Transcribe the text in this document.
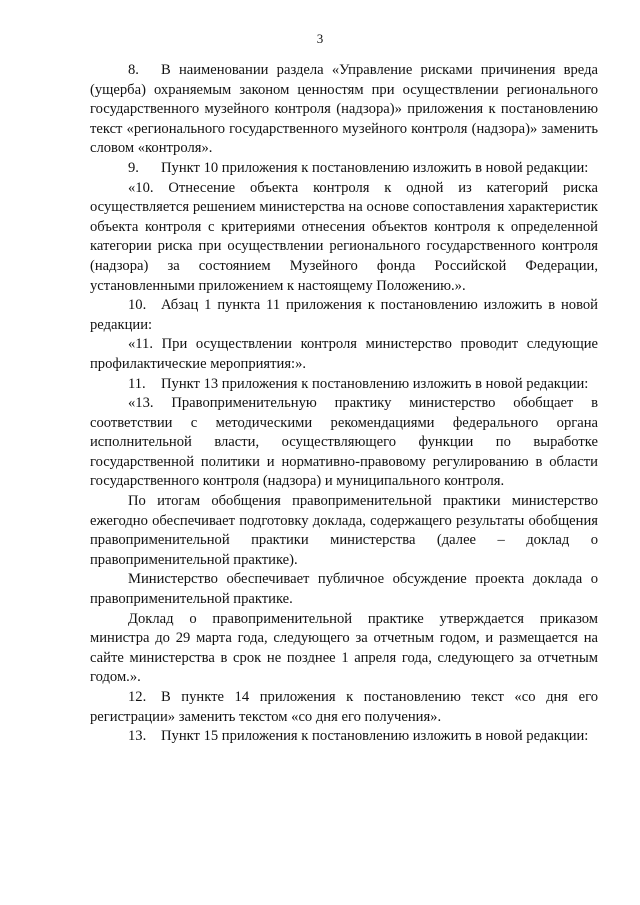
3

8. В наименовании раздела «Управление рисками причинения вреда (ущерба) охраняемым законом ценностям при осуществлении регионального государственного музейного контроля (надзора)» приложения к постановлению текст «регионального государственного музейного контроля (надзора)» заменить словом «контроля».

9. Пункт 10 приложения к постановлению изложить в новой редакции:

«10. Отнесение объекта контроля к одной из категорий риска осуществляется решением министерства на основе сопоставления характеристик объекта контроля с критериями отнесения объектов контроля к определенной категории риска при осуществлении регионального государственного контроля (надзора) за состоянием Музейного фонда Российской Федерации, установленными приложением к настоящему Положению.».

10. Абзац 1 пункта 11 приложения к постановлению изложить в новой редакции:

«11. При осуществлении контроля министерство проводит следующие профилактические мероприятия:».

11. Пункт 13 приложения к постановлению изложить в новой редакции:

«13. Правоприменительную практику министерство обобщает в соответствии с методическими рекомендациями федерального органа исполнительной власти, осуществляющего функции по выработке государственной политики и нормативно-правовому регулированию в области государственного контроля (надзора) и муниципального контроля.

По итогам обобщения правоприменительной практики министерство ежегодно обеспечивает подготовку доклада, содержащего результаты обобщения правоприменительной практики министерства (далее – доклад о правоприменительной практике).

Министерство обеспечивает публичное обсуждение проекта доклада о правоприменительной практике.

Доклад о правоприменительной практике утверждается приказом министра до 29 марта года, следующего за отчетным годом, и размещается на сайте министерства в срок не позднее 1 апреля года, следующего за отчетным годом.».

12. В пункте 14 приложения к постановлению текст «со дня его регистрации» заменить текстом «со дня его получения».

13. Пункт 15 приложения к постановлению изложить в новой редакции:
